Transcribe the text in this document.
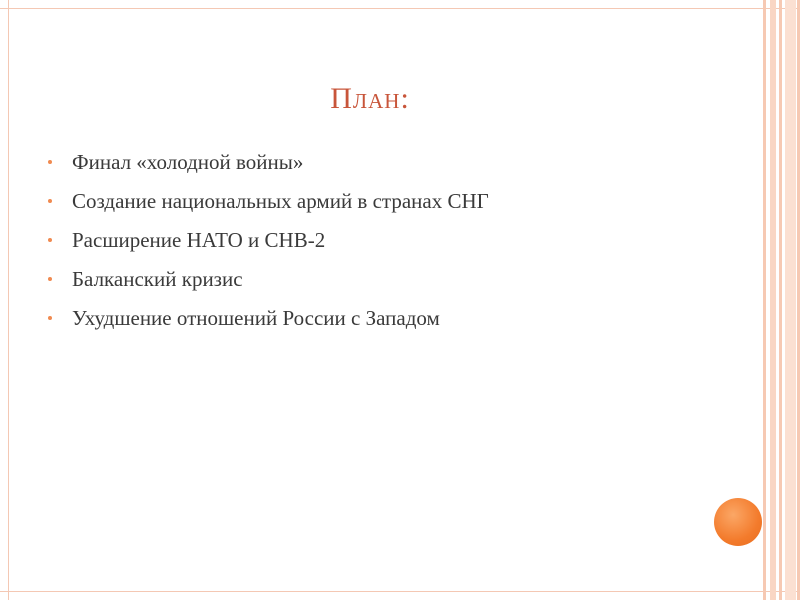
План:
Финал «холодной войны»
Создание национальных армий в странах СНГ
Расширение НАТО и СНВ-2
Балканский кризис
Ухудшение отношений России с Западом
